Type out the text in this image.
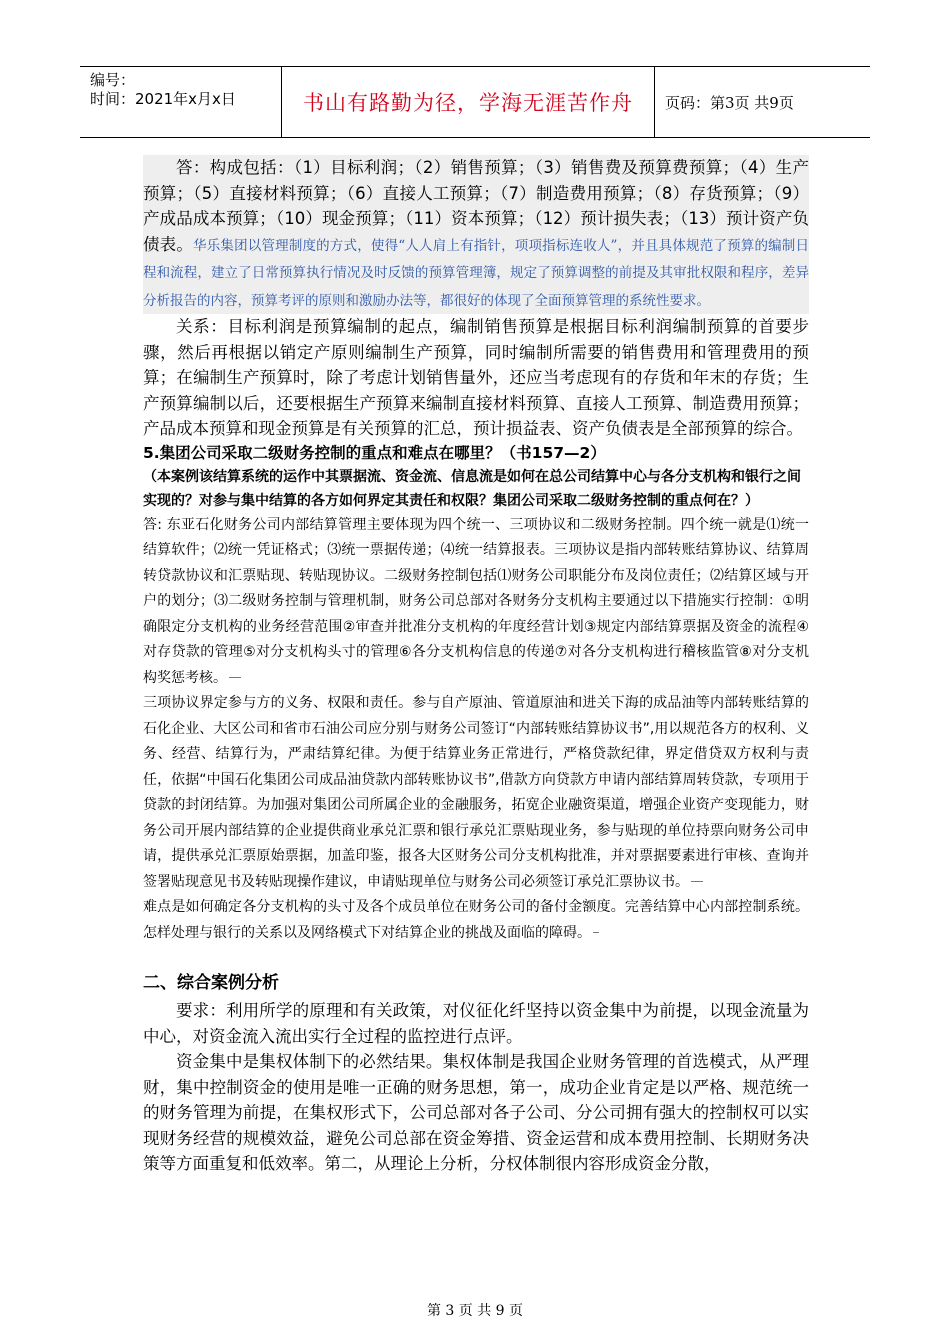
编号：
时间：2021年x月x日	书山有路勤为径，学海无涯苦作舟	页码：第3页 共9页

答：构成包括：（1）目标利润；（2）销售预算；（3）销售费及预算费预算；（4）生产预算；（5）直接材料预算；（6）直接人工预算；（7）制造费用预算；（8）存货预算；（9）产成品成本预算；（10）现金预算；（11）资本预算；（12）预计损失表；（13）预计资产负债表。华乐集团以管理制度的方式，使得“人人肩上有指针，项项指标连收人”，并且具体规范了预算的编制日程和流程，建立了日常预算执行情况及时反馈的预算管理簿，规定了预算调整的前提及其审批权限和程序，差异分析报告的内容，预算考评的原则和激励办法等，都很好的体现了全面预算管理的系统性要求。

关系：目标利润是预算编制的起点，编制销售预算是根据目标利润编制预算的首要步骤，然后再根据以销定产原则编制生产预算，同时编制所需要的销售费用和管理费用的预算；在编制生产预算时，除了考虑计划销售量外，还应当考虑现有的存货和年末的存货；生产预算编制以后，还要根据生产预算来编制直接材料预算、直接人工预算、制造费用预算；产品成本预算和现金预算是有关预算的汇总，预计损益表、资产负债表是全部预算的综合。

5.集团公司采取二级财务控制的重点和难点在哪里？（书157—2）

（本案例该结算系统的运作中其票据流、资金流、信息流是如何在总公司结算中心与各分支机构和银行之间实现的？对参与集中结算的各方如何界定其责任和权限？集团公司采取二级财务控制的重点何在？）

答: 东亚石化财务公司内部结算管理主要体现为四个统一、三项协议和二级财务控制。四个统一就是⑴统一结算软件；⑵统一凭证格式；⑶统一票据传递；⑷统一结算报表。三项协议是指内部转账结算协议、结算周转贷款协议和汇票贴现、转贴现协议。二级财务控制包括⑴财务公司职能分布及岗位责任；⑵结算区域与开户的划分；⑶二级财务控制与管理机制，财务公司总部对各财务分支机构主要通过以下措施实行控制：①明确限定分支机构的业务经营范围②审查并批准分支机构的年度经营计划③规定内部结算票据及资金的流程④对存贷款的管理⑤对分支机构头寸的管理⑥各分支机构信息的传递⑦对各分支机构进行稽核监管⑧对分支机构奖惩考核。

三项协议界定参与方的义务、权限和责任。参与自产原油、管道原油和进关下海的成品油等内部转账结算的石化企业、大区公司和省市石油公司应分别与财务公司签订“内部转账结算协议书”,用以规范各方的权利、义务、经营、结算行为，严肃结算纪律。为便于结算业务正常进行，严格贷款纪律，界定借贷双方权利与责任，依据“中国石化集团公司成品油贷款内部转账协议书”,借款方向贷款方申请内部结算周转贷款，专项用于贷款的封闭结算。为加强对集团公司所属企业的金融服务，拓宽企业融资渠道，增强企业资产变现能力，财务公司开展内部结算的企业提供商业承兑汇票和银行承兑汇票贴现业务，参与贴现的单位持票向财务公司申请，提供承兑汇票原始票据，加盖印鉴，报各大区财务公司分支机构批准，并对票据要素进行审核、查询并签署贴现意见书及转贴现操作建议，申请贴现单位与财务公司必须签订承兑汇票协议书。

难点是如何确定各分支机构的头寸及各个成员单位在财务公司的备付金额度。完善结算中心内部控制系统。怎样处理与银行的关系以及网络模式下对结算企业的挑战及面临的障碍。

二、综合案例分析

要求：利用所学的原理和有关政策，对仪征化纤坚持以资金集中为前提，以现金流量为中心，对资金流入流出实行全过程的监控进行点评。

资金集中是集权体制下的必然结果。集权体制是我国企业财务管理的首选模式，从严理财，集中控制资金的使用是唯一正确的财务思想，第一，成功企业肯定是以严格、规范统一的财务管理为前提，在集权形式下，公司总部对各子公司、分公司拥有强大的控制权可以实现财务经营的规模效益，避免公司总部在资金筹措、资金运营和成本费用控制、长期财务决策等方面重复和低效率。第二，从理论上分析，分权体制很内容形成资金分散，

第 3 页 共 9 页
